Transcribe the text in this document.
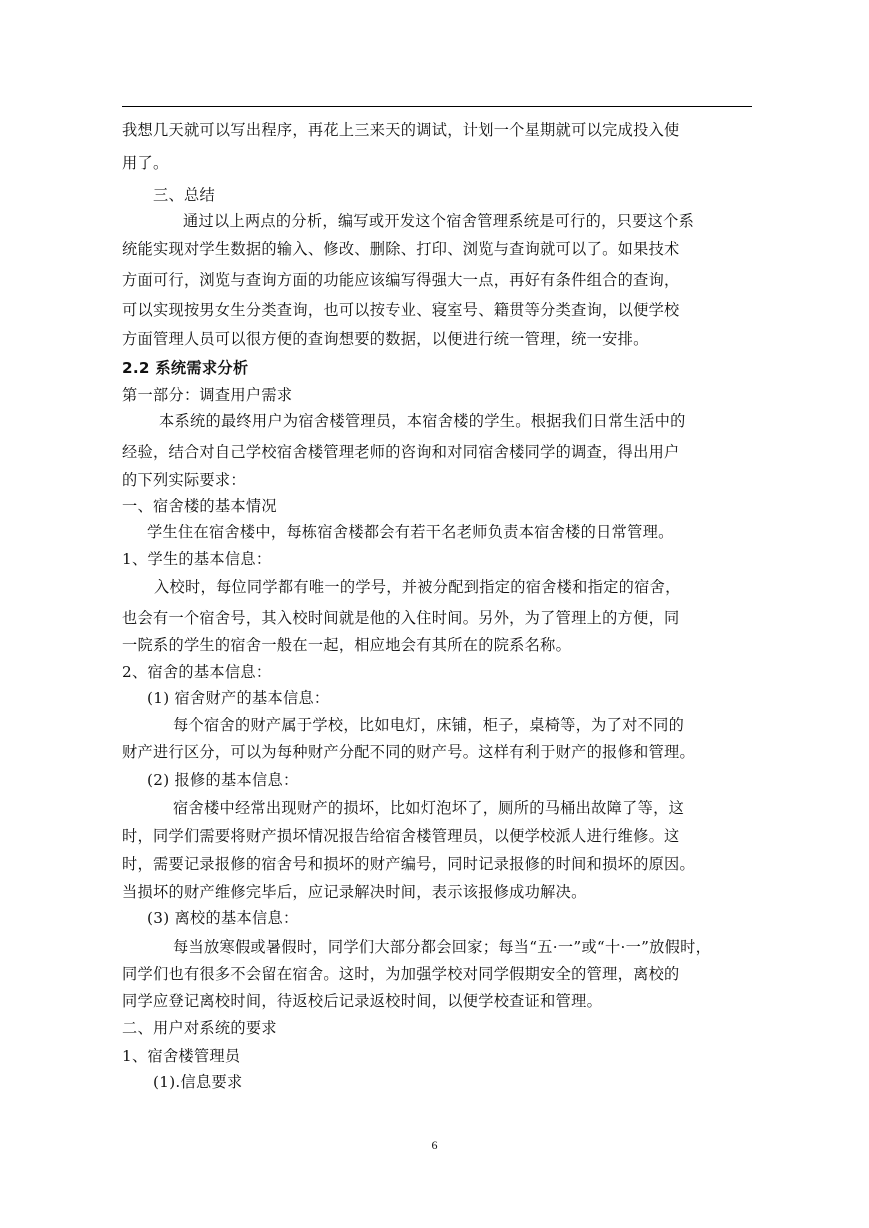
我想几天就可以写出程序，再花上三来天的调试，计划一个星期就可以完成投入使
用了。
三、总结
通过以上两点的分析，编写或开发这个宿舍管理系统是可行的，只要这个系
统能实现对学生数据的输入、修改、删除、打印、浏览与查询就可以了。如果技术
方面可行，浏览与查询方面的功能应该编写得强大一点，再好有条件组合的查询，
可以实现按男女生分类查询，也可以按专业、寝室号、籍贯等分类查询，以便学校
方面管理人员可以很方便的查询想要的数据，以便进行统一管理，统一安排。
2.2 系统需求分析
第一部分：调查用户需求
本系统的最终用户为宿舍楼管理员，本宿舍楼的学生。根据我们日常生活中的
经验，结合对自己学校宿舍楼管理老师的咨询和对同宿舍楼同学的调查，得出用户
的下列实际要求：
一、宿舍楼的基本情况
学生住在宿舍楼中，每栋宿舍楼都会有若干名老师负责本宿舍楼的日常管理。
1、学生的基本信息：
入校时，每位同学都有唯一的学号，并被分配到指定的宿舍楼和指定的宿舍，
也会有一个宿舍号，其入校时间就是他的入住时间。另外，为了管理上的方便，同
一院系的学生的宿舍一般在一起，相应地会有其所在的院系名称。
2、宿舍的基本信息：
(1) 宿舍财产的基本信息：
每个宿舍的财产属于学校，比如电灯，床铺，柜子，桌椅等，为了对不同的
财产进行区分，可以为每种财产分配不同的财产号。这样有利于财产的报修和管理。
(2) 报修的基本信息：
宿舍楼中经常出现财产的损坏，比如灯泡坏了，厕所的马桶出故障了等，这
时，同学们需要将财产损坏情况报告给宿舍楼管理员，以便学校派人进行维修。这
时，需要记录报修的宿舍号和损坏的财产编号，同时记录报修的时间和损坏的原因。
当损坏的财产维修完毕后，应记录解决时间，表示该报修成功解决。
(3) 离校的基本信息：
每当放寒假或暑假时，同学们大部分都会回家；每当“五·一”或“十·一”放假时，
同学们也有很多不会留在宿舍。这时，为加强学校对同学假期安全的管理，离校的
同学应登记离校时间，待返校后记录返校时间，以便学校查证和管理。
二、用户对系统的要求
1、宿舍楼管理员
(1).信息要求
6
